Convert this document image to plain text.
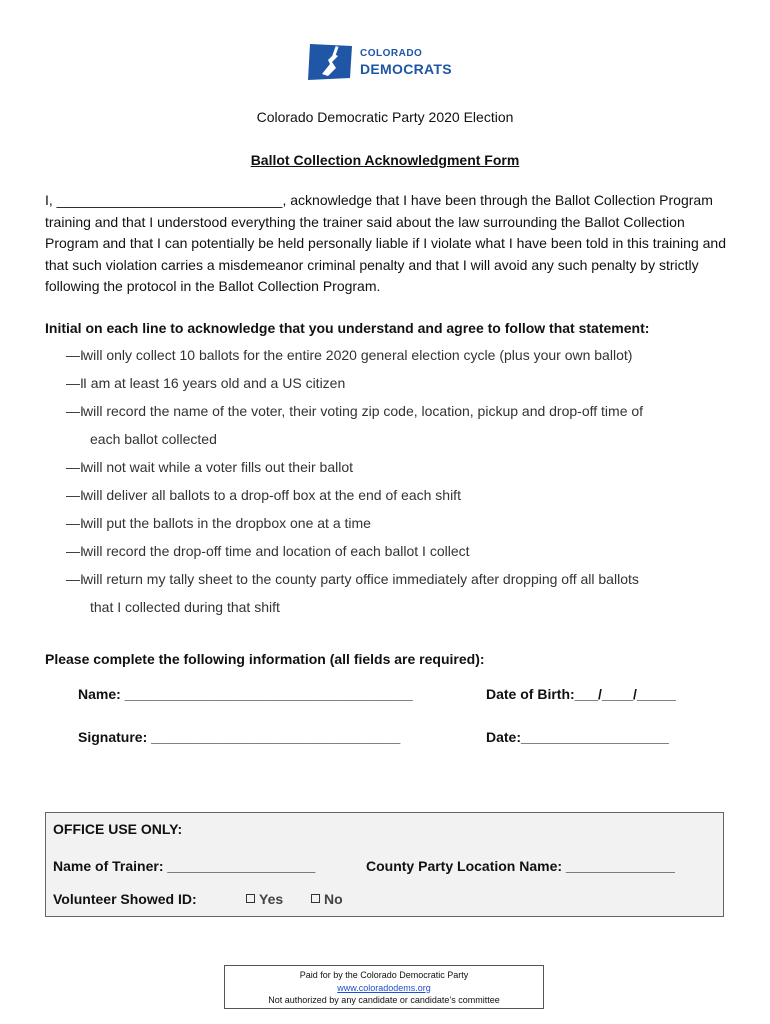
COLORADO
DEMOCRATS
Colorado Democratic Party 2020 Election
Ballot Collection Acknowledgment Form
I, _____________________________, acknowledge that I have been through the Ballot Collection Program training and that I understood everything the trainer said about the law surrounding the Ballot Collection Program and that I can potentially be held personally liable if I violate what I have been told in this training and that such violation carries a misdemeanor criminal penalty and that I will avoid any such penalty by strictly following the protocol in the Ballot Collection Program.
Initial on each line to acknowledge that you understand and agree to follow that statement:
—I will only collect 10 ballots for the entire 2020 general election cycle (plus your own ballot)
—I I am at least 16 years old and a US citizen
—I will record the name of the voter, their voting zip code, location, pickup and drop-off time of
each ballot collected
—I will not wait while a voter fills out their ballot
—I will deliver all ballots to a drop-off box at the end of each shift
—I will put the ballots in the dropbox one at a time
—I will record the drop-off time and location of each ballot I collect
—I will return my tally sheet to the county party office immediately after dropping off all ballots
that I collected during that shift
Please complete the following information (all fields are required):
Name: _____________________________________	Date of Birth:___/____/_____
Signature: ________________________________	Date:___________________
OFFICE USE ONLY:
Name of Trainer: ___________________	County Party Location Name: ______________
Volunteer Showed ID:	Yes	No
Paid for by the Colorado Democratic Party
www.coloradodems.org
Not authorized by any candidate or candidate’s committee
